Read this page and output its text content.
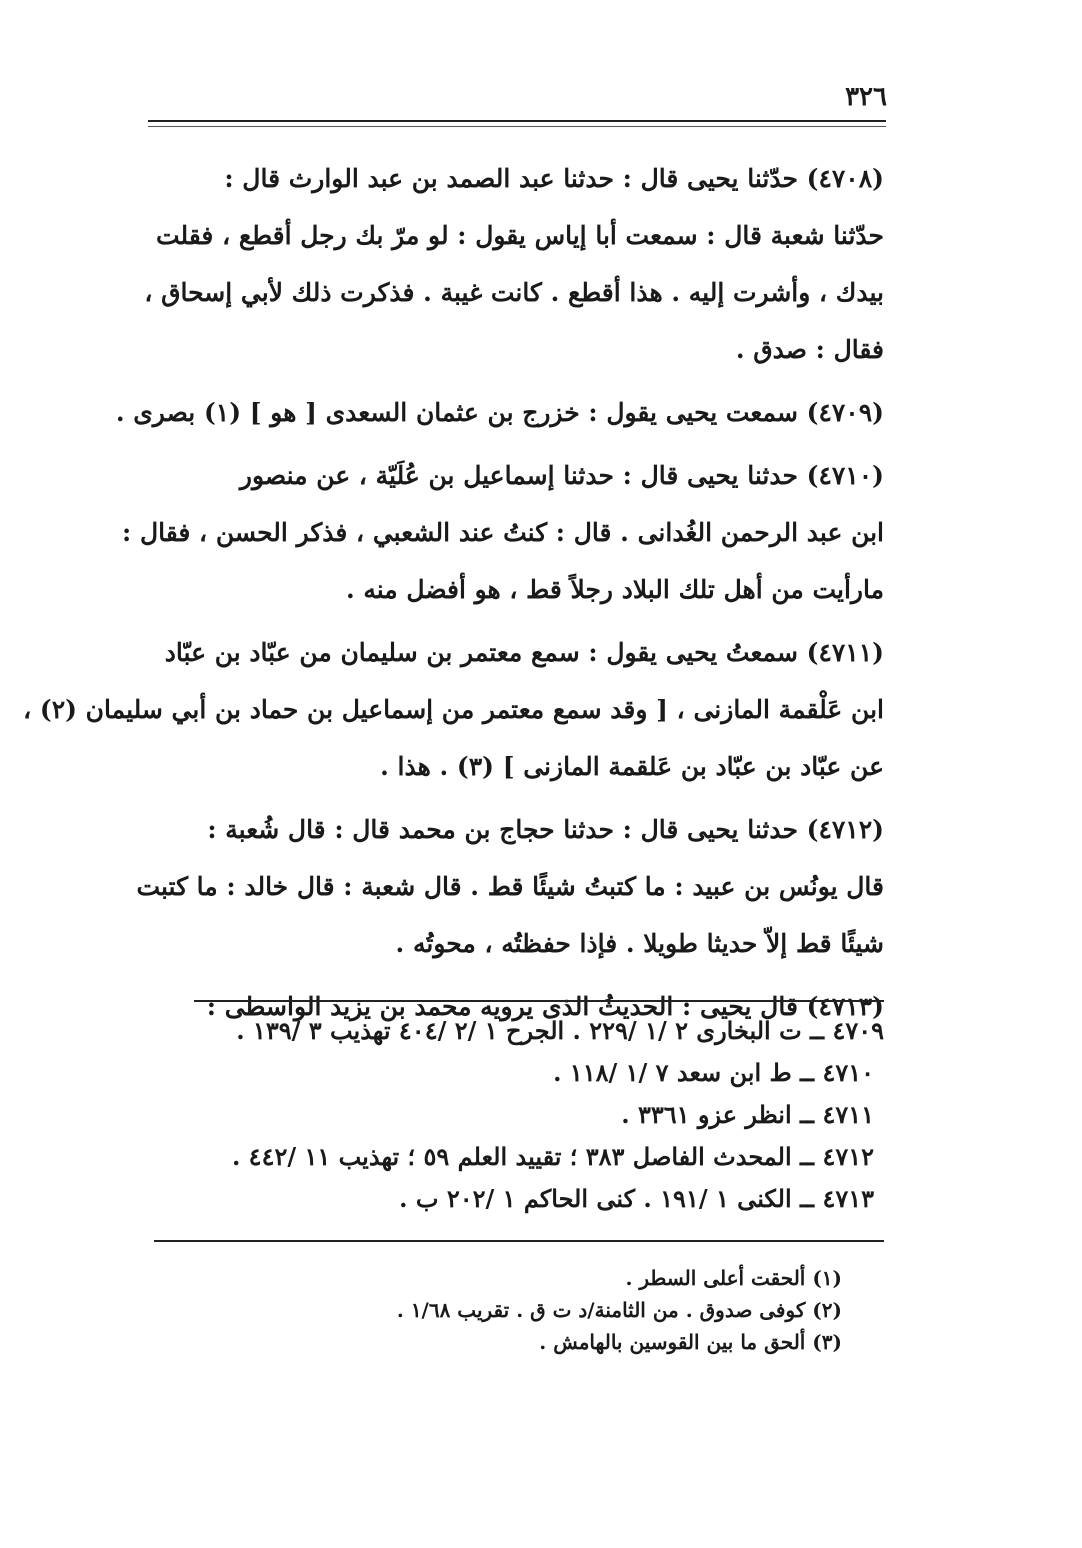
٣٢٦
(٤٧٠٨) حدّثنا يحيى قال : حدثنا عبد الصمد بن عبد الوارث قال :
حدّثنا شعبة قال : سمعت أبا إياس يقول : لو مرّ بك رجل أقطع ، فقلت
بيدك ، وأشرت إليه . هذا أقطع . كانت غيبة . فذكرت ذلك لأبي إسحاق ،
فقال : صدق .
(٤٧٠٩) سمعت يحيى يقول : خزرج بن عثمان السعدى [ هو ] (١) بصرى .
(٤٧١٠) حدثنا يحيى قال : حدثنا إسماعيل بن عُلَيّة ، عن منصور
ابن عبد الرحمن الغُدانى . قال : كنتُ عند الشعبي ، فذكر الحسن ، فقال :
مارأيت من أهل تلك البلاد رجلاً قط ، هو أفضل منه .
(٤٧١١) سمعتُ يحيى يقول : سمع معتمر بن سليمان من عبّاد بن عبّاد
ابن عَلْقمة المازنى ، [ وقد سمع معتمر من إسماعيل بن حماد بن أبي سليمان (٢) ،
عن عبّاد بن عبّاد بن عَلقمة المازنى ] (٣) . هذا .
(٤٧١٢) حدثنا يحيى قال : حدثنا حجاج بن محمد قال : قال شُعبة :
قال يونُس بن عبيد : ما كتبتُ شيئًا قط . قال شعبة : قال خالد : ما كتبت
شيئًا قط إلاّ حديثا طويلا . فإذا حفظتُه ، محوتُه .
(٤٧١٣) قال يحيى : الحديثُ الذى يرويه محمد بن يزيد الواسطى :
٤٧٠٩ ــ ت البخارى ٢ /١ /٢٢٩ . الجرح ١ /٢ /٤٠٤ تهذيب ٣ /١٣٩ .
٤٧١٠ ــ ط ابن سعد ٧ /١ /١١٨ .
٤٧١١ ــ انظر عزو ٣٣٦١ .
٤٧١٢ ــ المحدث الفاصل ٣٨٣ ؛ تقييد العلم ٥٩ ؛ تهذيب ١١ /٤٤٢ .
٤٧١٣ ــ الكنى ١ /١٩١ . كنى الحاكم ١ /٢٠٢ ب .
(١) ألحقت أعلى السطر .
(٢) كوفى صدوق . من الثامنة/د ت ق . تقريب ١/٦٨ .
(٣) ألحق ما بين القوسين بالهامش .
